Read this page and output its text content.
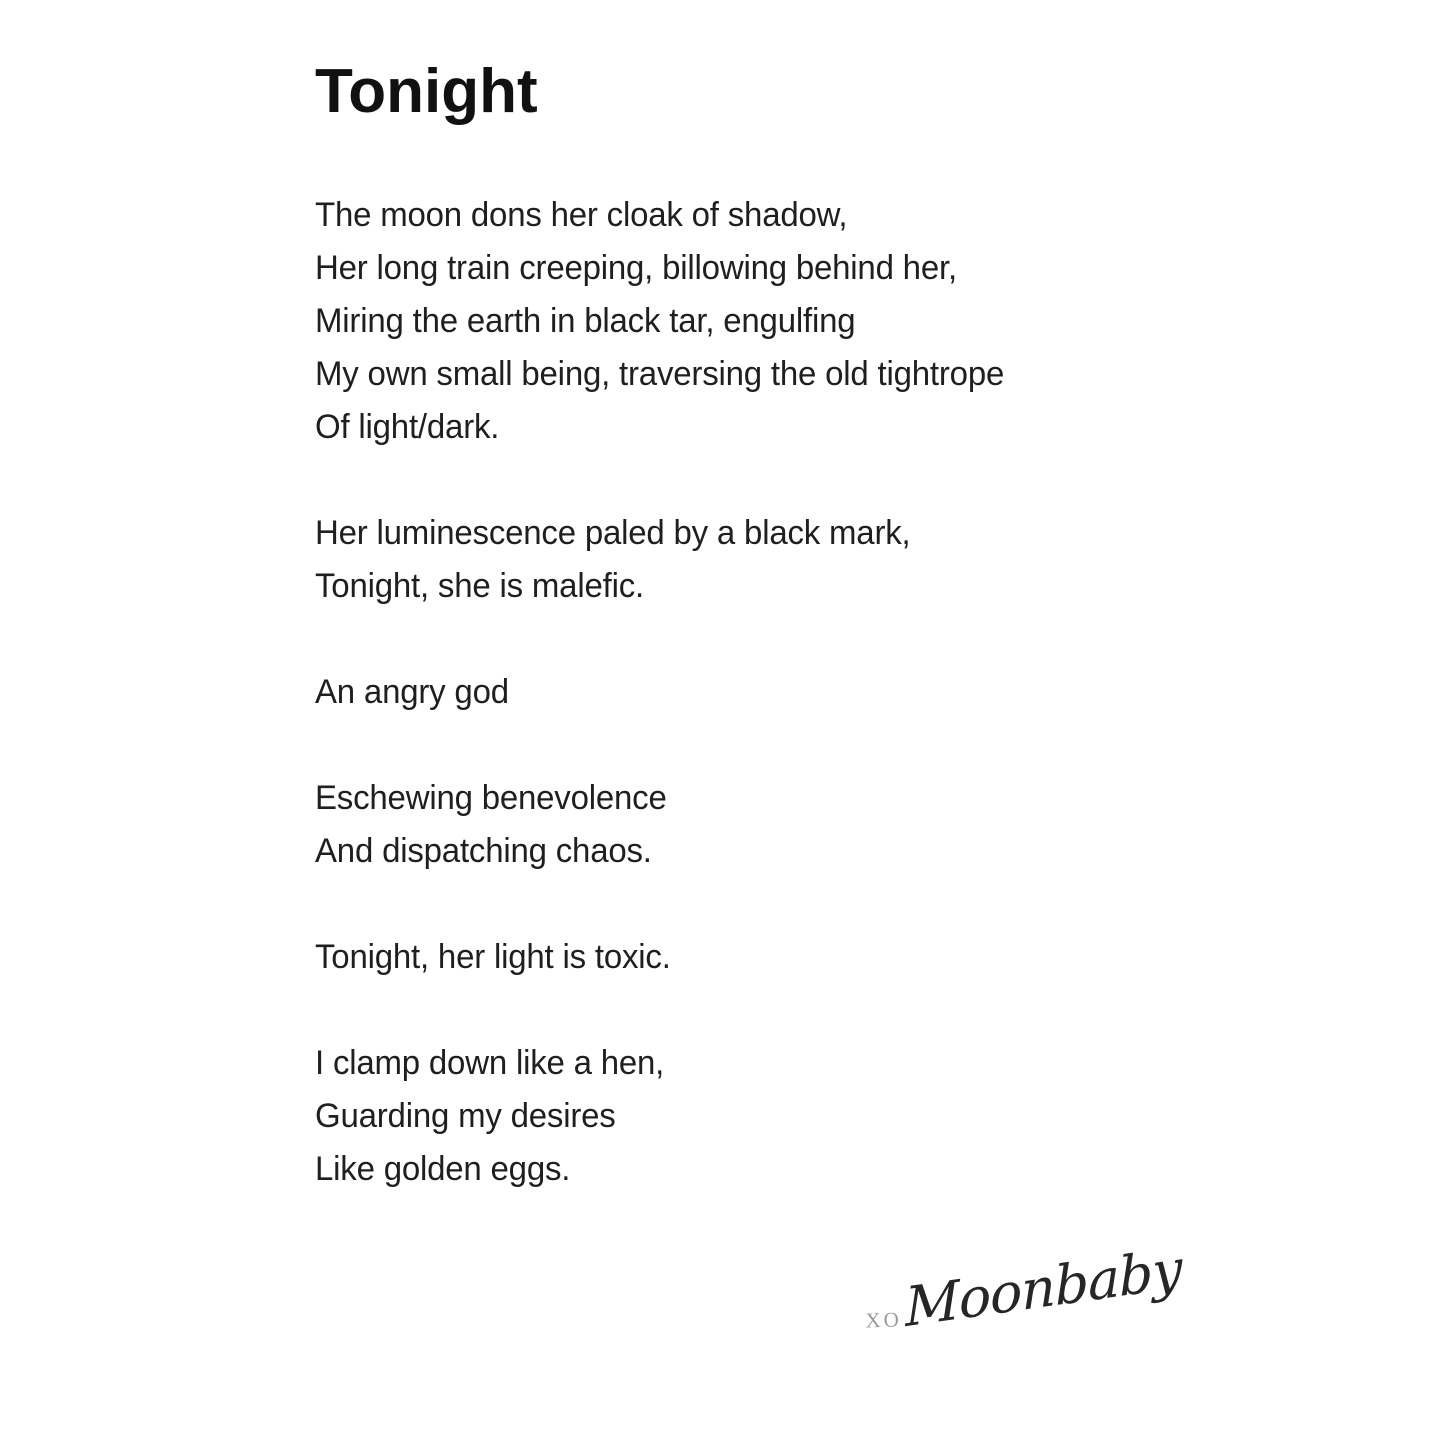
Tonight

The moon dons her cloak of shadow,

Her long train creeping, billowing behind her,

Miring the earth in black tar, engulfing

My own small being, traversing the old tightrope

Of light/dark.

Her luminescence paled by a black mark,

Tonight, she is malefic.

An angry god

Eschewing benevolence

And dispatching chaos.

Tonight, her light is toxic.

I clamp down like a hen,

Guarding my desires

Like golden eggs.

XO Moonbaby
